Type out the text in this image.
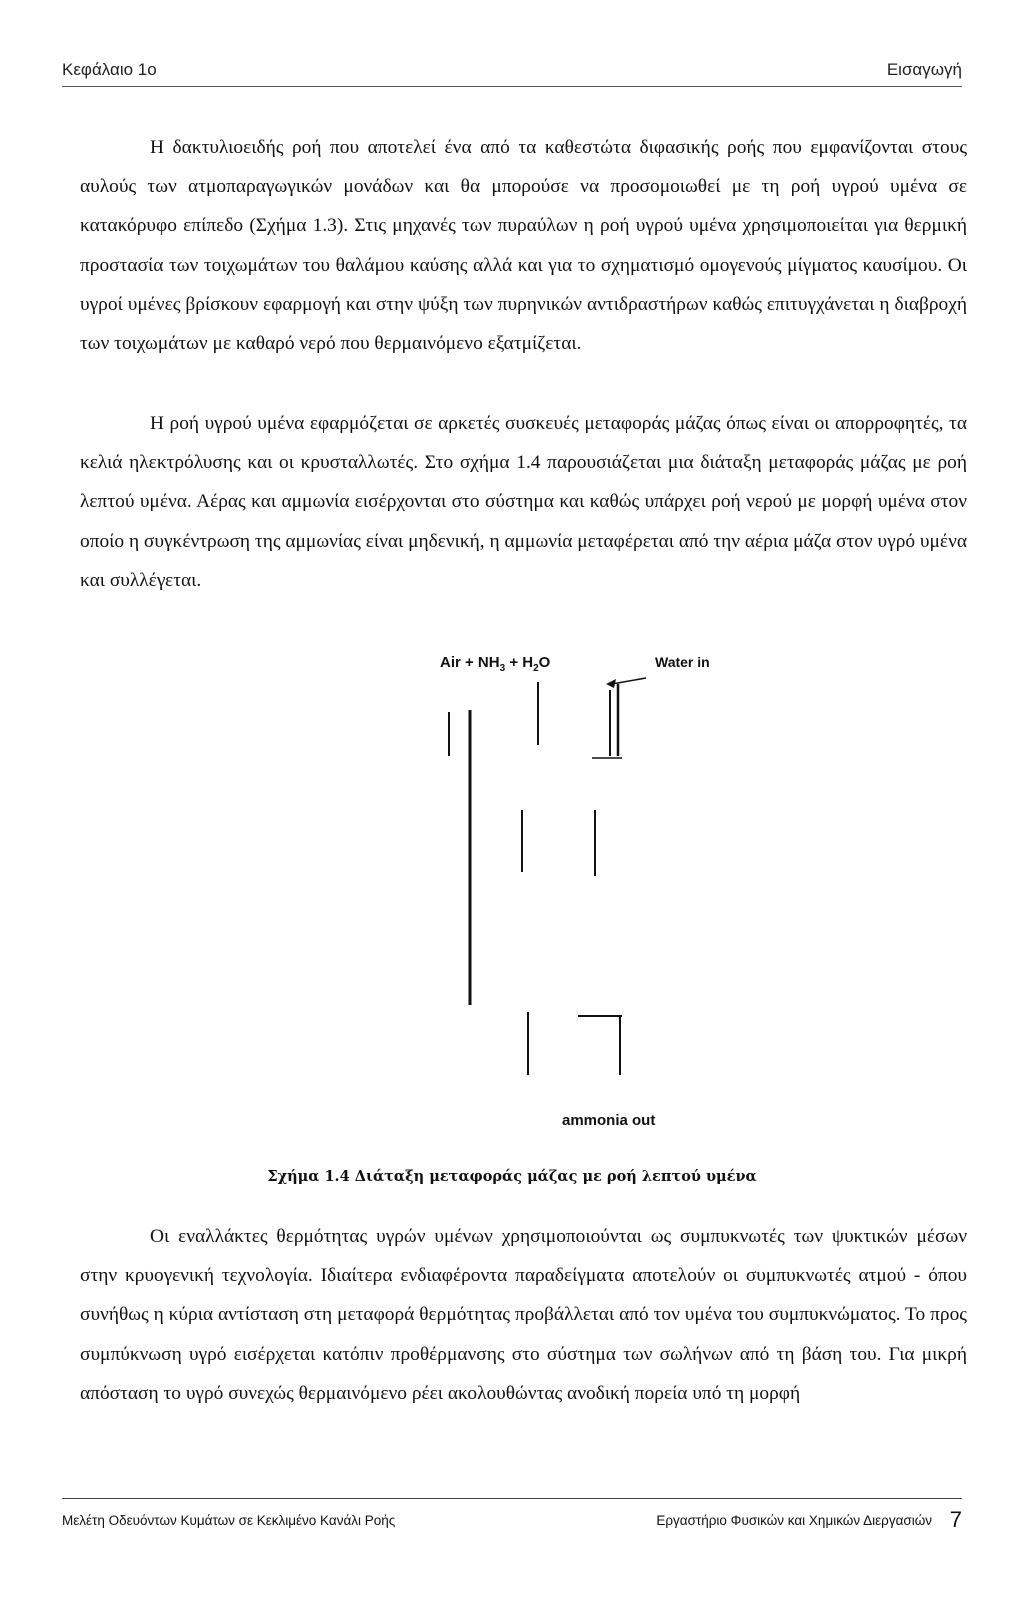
Κεφάλαιο 1ο	Εισαγωγή

Η δακτυλιοειδής ροή που αποτελεί ένα από τα καθεστώτα διφασικής ροής που εμφανίζονται στους αυλούς των ατμοπαραγωγικών μονάδων και θα μπορούσε να προσομοιωθεί με τη ροή υγρού υμένα σε κατακόρυφο επίπεδο (Σχήμα 1.3). Στις μηχανές των πυραύλων η ροή υγρού υμένα χρησιμοποιείται για θερμική προστασία των τοιχωμάτων του θαλάμου καύσης αλλά και για το σχηματισμό ομογενούς μίγματος καυσίμου. Οι υγροί υμένες βρίσκουν εφαρμογή και στην ψύξη των πυρηνικών αντιδραστήρων καθώς επιτυγχάνεται η διαβροχή των τοιχωμάτων με καθαρό νερό που θερμαινόμενο εξατμίζεται.

Η ροή υγρού υμένα εφαρμόζεται σε αρκετές συσκευές μεταφοράς μάζας όπως είναι οι απορροφητές, τα κελιά ηλεκτρόλυσης και οι κρυσταλλωτές. Στο σχήμα 1.4 παρουσιάζεται μια διάταξη μεταφοράς μάζας με ροή λεπτού υμένα. Αέρας και αμμωνία εισέρχονται στο σύστημα και καθώς υπάρχει ροή νερού με μορφή υμένα στον οποίο η συγκέντρωση της αμμωνίας είναι μηδενική, η αμμωνία μεταφέρεται από την αέρια μάζα στον υγρό υμένα και συλλέγεται.

Air + $NH_3 + H_2O$	Water in
ammonia out
Σχήμα 1.4 Διάταξη μεταφοράς μάζας με ροή λεπτού υμένα

Οι εναλλάκτες θερμότητας υγρών υμένων χρησιμοποιούνται ως συμπυκνωτές των ψυκτικών μέσων στην κρυογενική τεχνολογία. Ιδιαίτερα ενδιαφέροντα παραδείγματα αποτελούν οι συμπυκνωτές ατμού - όπου συνήθως η κύρια αντίσταση στη μεταφορά θερμότητας προβάλλεται από τον υμένα του συμπυκνώματος. Το προς συμπύκνωση υγρό εισέρχεται κατόπιν προθέρμανσης στο σύστημα των σωλήνων από τη βάση του. Για μικρή απόσταση το υγρό συνεχώς θερμαινόμενο ρέει ακολουθώντας ανοδική πορεία υπό τη μορφή

Μελέτη Οδευόντων Κυμάτων σε Κεκλιμένο Κανάλι Ροής	Εργαστήριο Φυσικών και Χημικών Διεργασιών 7
